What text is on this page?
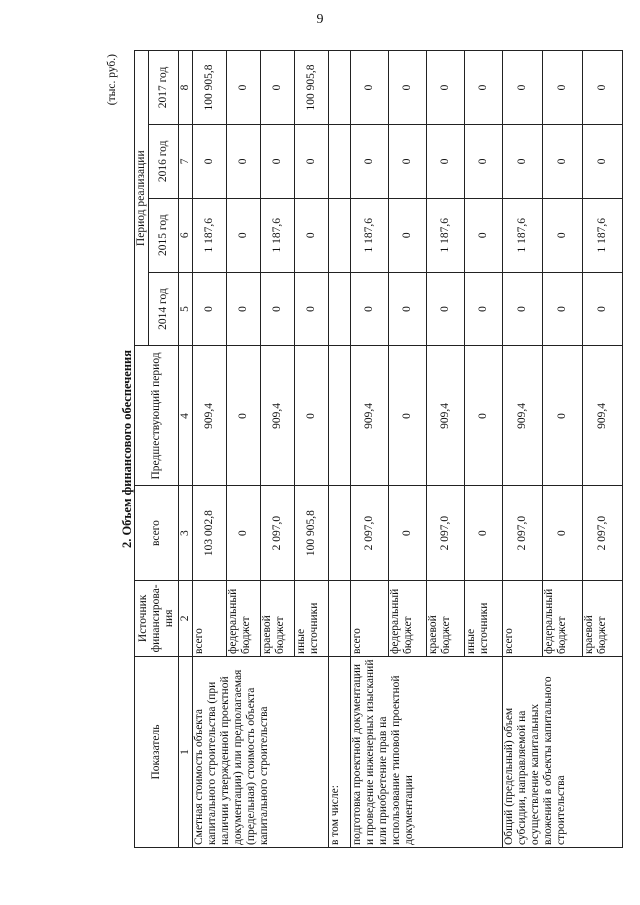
9
(тыс. руб.)
2. Объем финансового обеспечения
Показатель	Источник финансирова-ния	всего	Предшествующий период	Период реализации			
				2014 год	2015 год	2016 год	2017 год
1	2	3	4	5	6	7	8
Сметная стоимость объекта капитального строительства (при наличии утвержденной проектной документации) или предполагаемая (предельная) стоимость объекта капитального строительства	всего	103 002,8	909,4	0	1 187,6	0	100 905,8
	федеральный бюджет	0	0	0	0	0	0
	краевой бюджет	2 097,0	909,4	0	1 187,6	0	0
	иные источники	100 905,8	0	0	0	0	100 905,8
в том числе:							
подготовка проектной документации и проведение инженерных изысканий или приобретение прав на использование типовой проектной документации	всего	2 097,0	909,4	0	1 187,6	0	0
	федеральный бюджет	0	0	0	0	0	0
	краевой бюджет	2 097,0	909,4	0	1 187,6	0	0
	иные источники	0	0	0	0	0	0
Общий (предельный) объем субсидии, направляемой на осуществление капитальных вложений в объекты капитального строительства	всего	2 097,0	909,4	0	1 187,6	0	0
	федеральный бюджет	0	0	0	0	0	0
	краевой бюджет	2 097,0	909,4	0	1 187,6	0	0
